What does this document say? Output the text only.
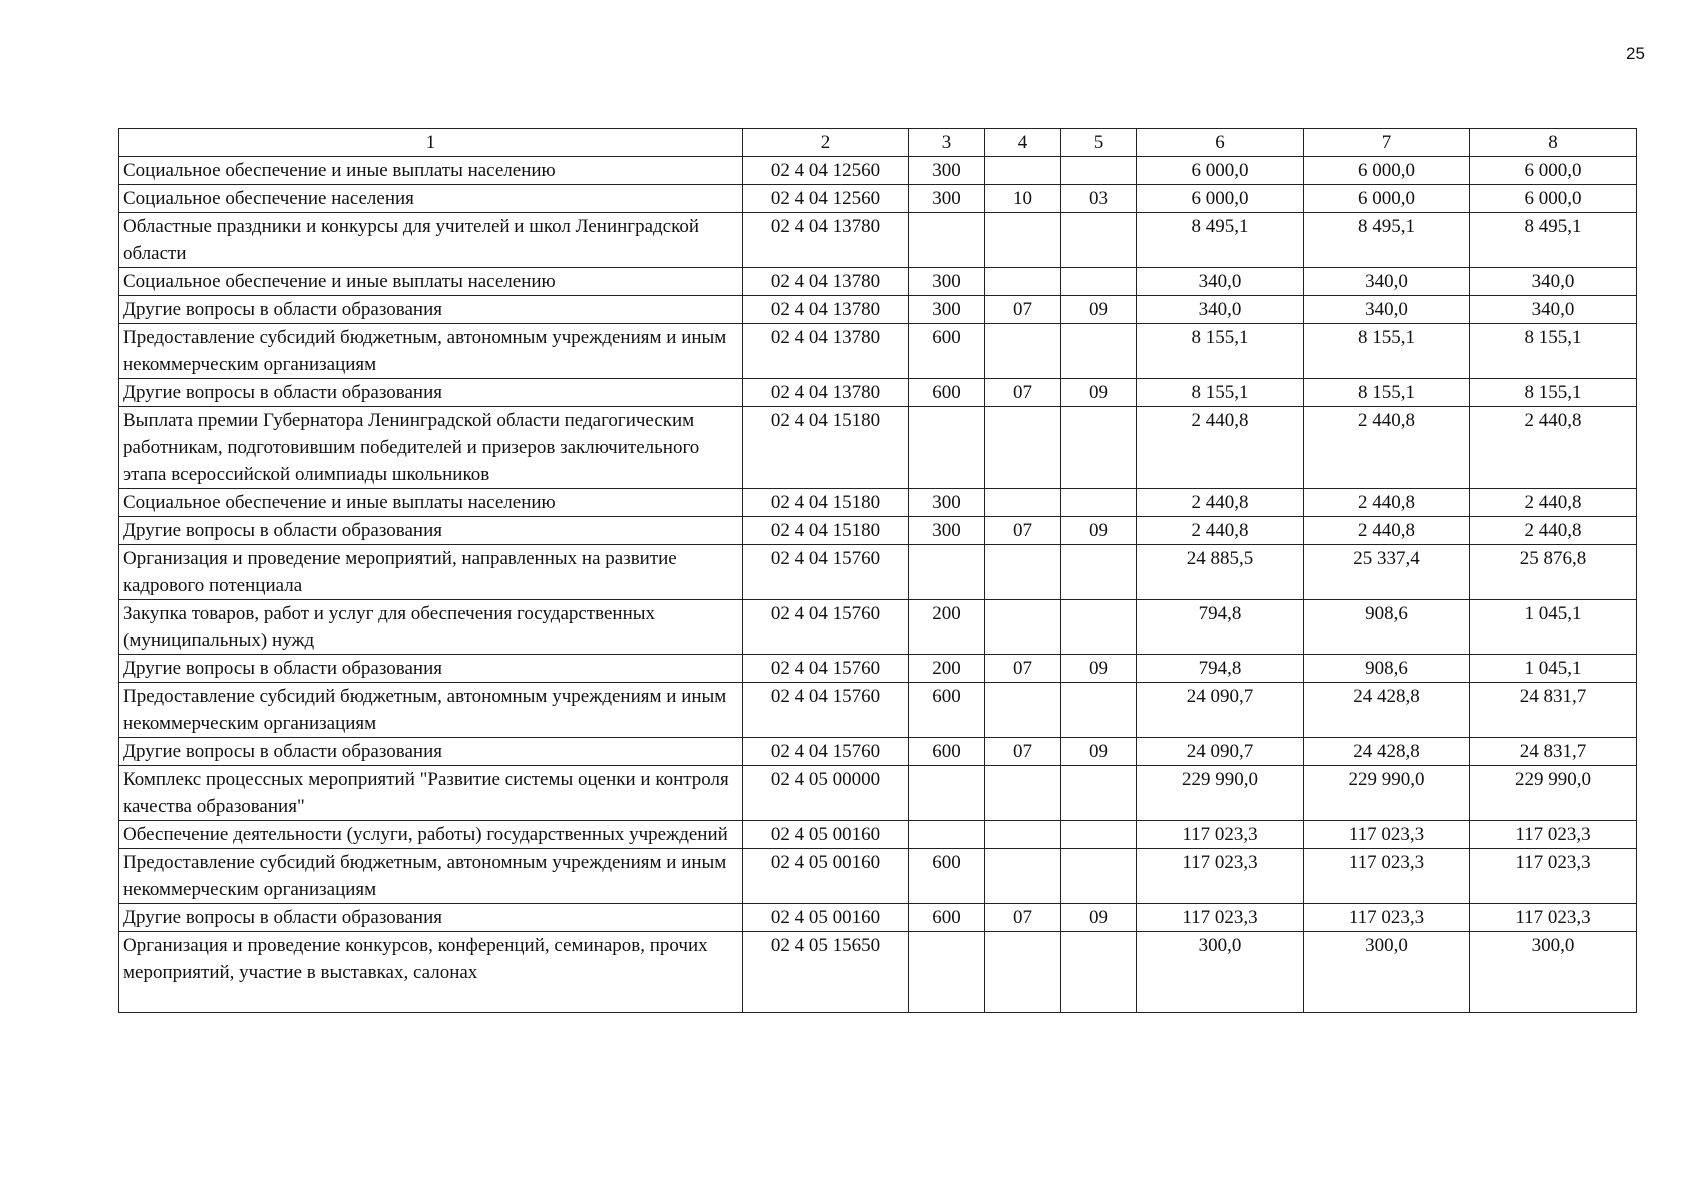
25
1	2	3	4	5	6	7	8
Социальное обеспечение и иные выплаты населению	02 4 04 12560	300			6 000,0	6 000,0	6 000,0
Социальное обеспечение населения	02 4 04 12560	300	10	03	6 000,0	6 000,0	6 000,0
Областные праздники и конкурсы для учителей и школ Ленинградской области	02 4 04 13780				8 495,1	8 495,1	8 495,1
Социальное обеспечение и иные выплаты населению	02 4 04 13780	300			340,0	340,0	340,0
Другие вопросы в области образования	02 4 04 13780	300	07	09	340,0	340,0	340,0
Предоставление субсидий бюджетным, автономным учреждениям и иным некоммерческим организациям	02 4 04 13780	600			8 155,1	8 155,1	8 155,1
Другие вопросы в области образования	02 4 04 13780	600	07	09	8 155,1	8 155,1	8 155,1
Выплата премии Губернатора Ленинградской области педагогическим работникам, подготовившим победителей и призеров заключительного этапа всероссийской олимпиады школьников	02 4 04 15180				2 440,8	2 440,8	2 440,8
Социальное обеспечение и иные выплаты населению	02 4 04 15180	300			2 440,8	2 440,8	2 440,8
Другие вопросы в области образования	02 4 04 15180	300	07	09	2 440,8	2 440,8	2 440,8
Организация и проведение мероприятий, направленных на развитие кадрового потенциала	02 4 04 15760				24 885,5	25 337,4	25 876,8
Закупка товаров, работ и услуг для обеспечения государственных (муниципальных) нужд	02 4 04 15760	200			794,8	908,6	1 045,1
Другие вопросы в области образования	02 4 04 15760	200	07	09	794,8	908,6	1 045,1
Предоставление субсидий бюджетным, автономным учреждениям и иным некоммерческим организациям	02 4 04 15760	600			24 090,7	24 428,8	24 831,7
Другие вопросы в области образования	02 4 04 15760	600	07	09	24 090,7	24 428,8	24 831,7
Комплекс процессных мероприятий "Развитие системы оценки и контроля качества образования"	02 4 05 00000				229 990,0	229 990,0	229 990,0
Обеспечение деятельности (услуги, работы) государственных учреждений	02 4 05 00160				117 023,3	117 023,3	117 023,3
Предоставление субсидий бюджетным, автономным учреждениям и иным некоммерческим организациям	02 4 05 00160	600			117 023,3	117 023,3	117 023,3
Другие вопросы в области образования	02 4 05 00160	600	07	09	117 023,3	117 023,3	117 023,3
Организация и проведение конкурсов, конференций, семинаров, прочих мероприятий, участие в выставках, салонах	02 4 05 15650				300,0	300,0	300,0
